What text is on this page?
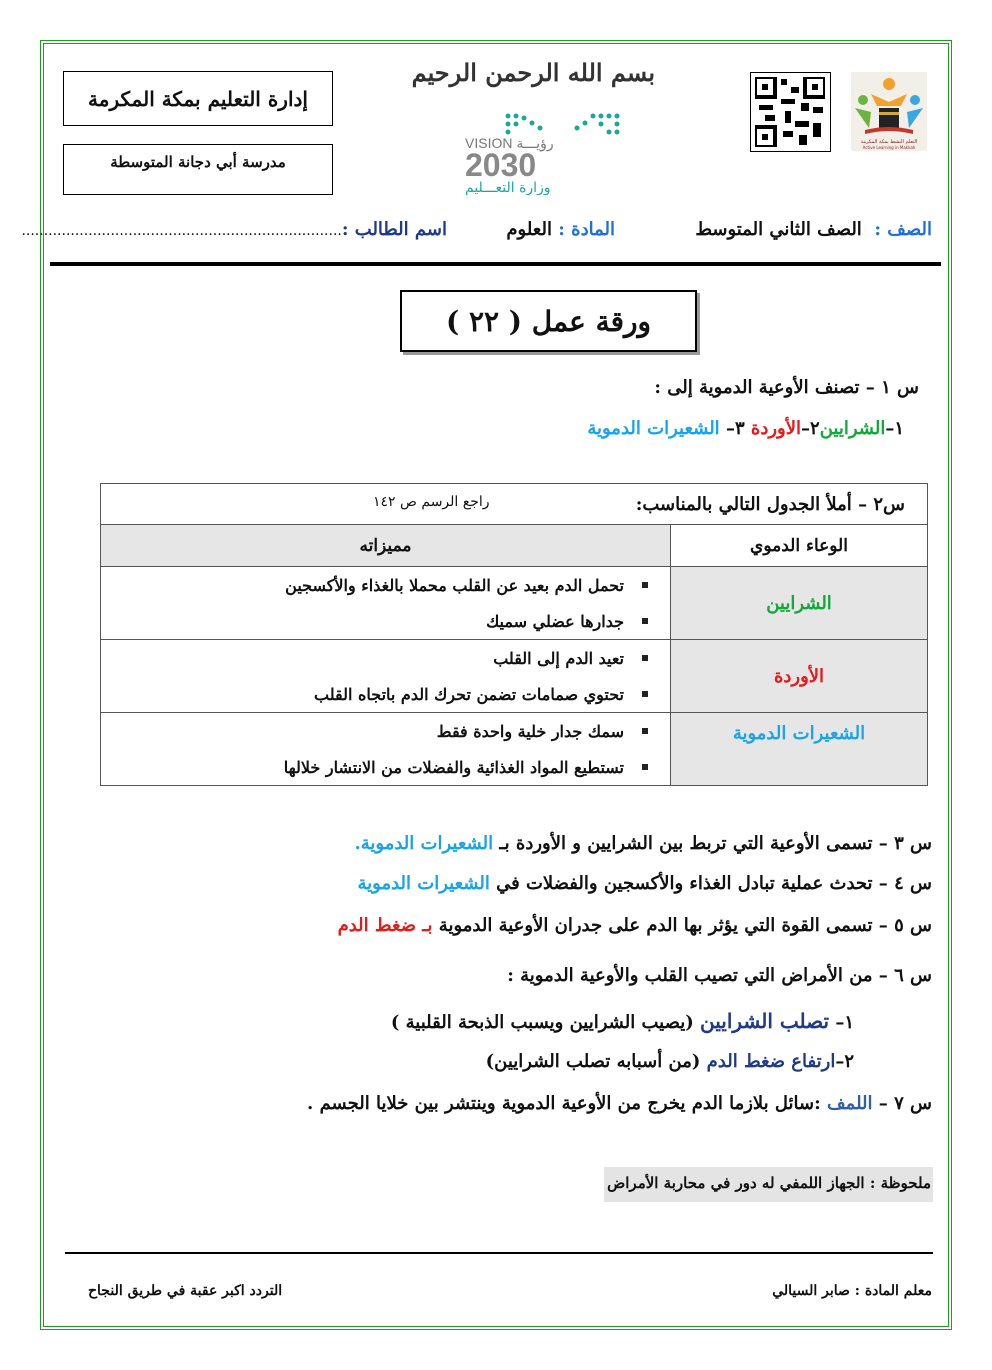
إدارة التعليم بمكة المكرمة
مدرسة أبي دجانة المتوسطة
بسم الله الرحمن الرحيم
VISION رؤيـــة
2030
وزارة التعـــليم
التعلم النشط بمكة المكرمة
Active Learning in Makkah
الصف :  الصف الثاني المتوسط
المادة : العلوم
اسم الطالب :........................................................................
ورقة عمل ( ٢٢ )
س ١ – تصنف الأوعية الدموية إلى :
١–الشرايين٢–الأوردة ٣– الشعيرات الدموية
س٢ – أملأ الجدول التالي بالمناسب:
راجع الرسم ص ١٤٢	

الوعاء الدموي	مميزاته
الشرايين	تحمل الدم بعيد عن القلب محملا بالغذاء والأكسجين
جدارها عضلي سميك

الأوردة	تعيد الدم إلى القلب
تحتوي صمامات تضمن تحرك الدم باتجاه القلب

الشعيرات الدموية	سمك جدار خلية واحدة فقط
تستطيع المواد الغذائية والفضلات من الانتشار خلالها
س ٣ – تسمى الأوعية التي تربط بين الشرايين و الأوردة بـ الشعيرات الدموية.
س ٤ – تحدث عملية تبادل الغذاء والأكسجين والفضلات في الشعيرات الدموية
س ٥ – تسمى القوة التي يؤثر بها الدم على جدران الأوعية الدموية بـ ضغط الدم
س ٦ – من الأمراض التي تصيب القلب والأوعية الدموية :
١– تصلب الشرايين (يصيب الشرايين ويسبب الذبحة القلبية )
٢–ارتفاع ضغط الدم (من أسبابه تصلب الشرايين)
س ٧ – اللمف :سائل بلازما الدم يخرج من الأوعية الدموية وينتشر بين خلايا الجسم .
ملحوظة : الجهاز اللمفي له دور في محاربة الأمراض
معلم المادة : صابر السيالي
التردد اكبر عقبة في طريق النجاح
